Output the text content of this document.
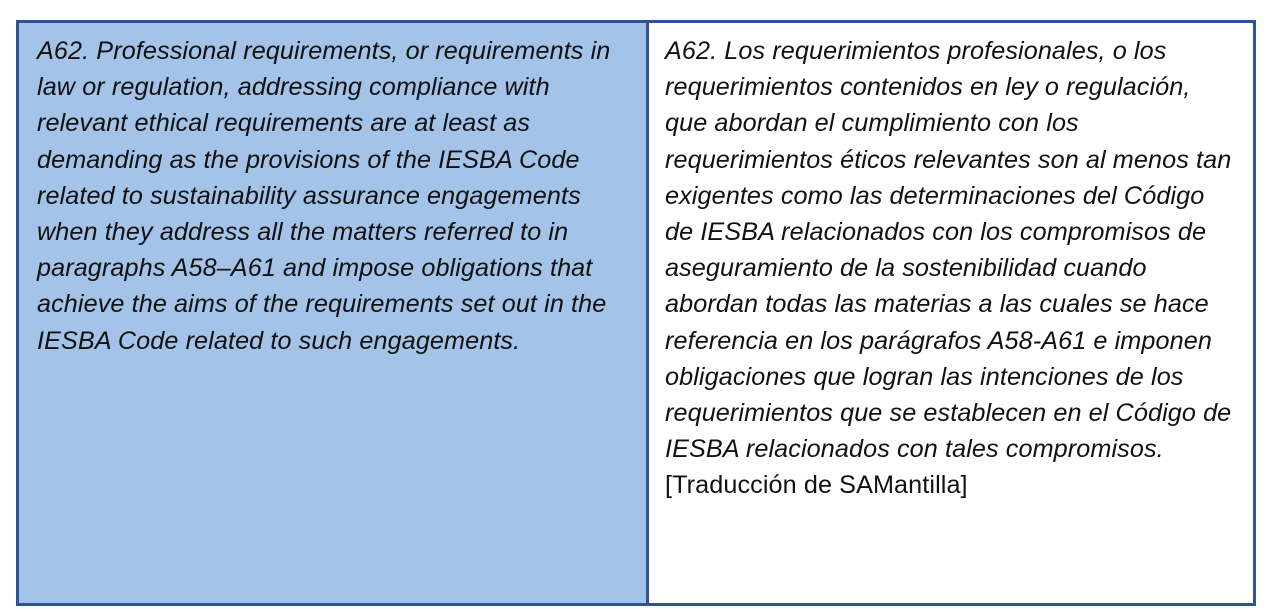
A62. Professional requirements, or requirements in law or regulation, addressing compliance with relevant ethical requirements are at least as demanding as the provisions of the IESBA Code related to sustainability assurance engagements when they address all the matters referred to in paragraphs A58–A61 and impose obligations that achieve the aims of the requirements set out in the IESBA Code related to such engagements.

A62. Los requerimientos profesionales, o los requerimientos contenidos en ley o regulación, que abordan el cumplimiento con los requerimientos éticos relevantes son al menos tan exigentes como las determinaciones del Código de IESBA relacionados con los compromisos de aseguramiento de la sostenibilidad cuando abordan todas las materias a las cuales se hace referencia en los parágrafos A58-A61 e imponen obligaciones que logran las intenciones de los requerimientos que se establecen en el Código de IESBA relacionados con tales compromisos.

[Traducción de SAMantilla]
